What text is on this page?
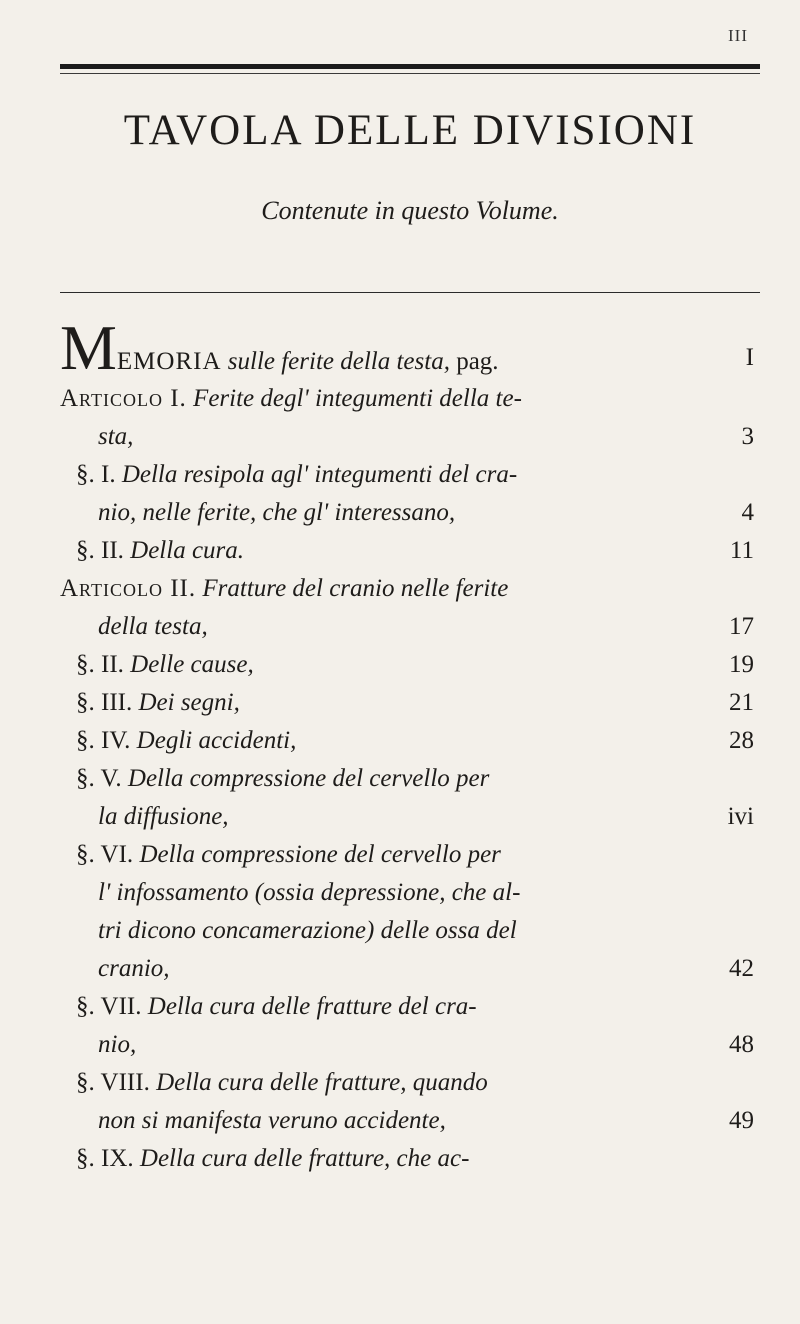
III
TAVOLA DELLE DIVISIONI

Contenute in questo Volume.

MEMORIA sulle ferite della testa, pag.	I
Articolo I. Ferite degl' integumenti della te-
sta,	3
§. I. Della resipola agl' integumenti del cra-
nio, nelle ferite, che gl' interessano,	4
§. II. Della cura.	11
Articolo II. Fratture del cranio nelle ferite
della testa,	17
§. II. Delle cause,	19
§. III. Dei segni,	21
§. IV. Degli accidenti,	28
§. V. Della compressione del cervello per
la diffusione,	ivi
§. VI. Della compressione del cervello per
l' infossamento (ossia depressione, che al-
tri dicono concamerazione) delle ossa del
cranio,	42
§. VII. Della cura delle fratture del cra-
nio,	48
§. VIII. Della cura delle fratture, quando
non si manifesta veruno accidente,	49
§. IX. Della cura delle fratture, che ac-
